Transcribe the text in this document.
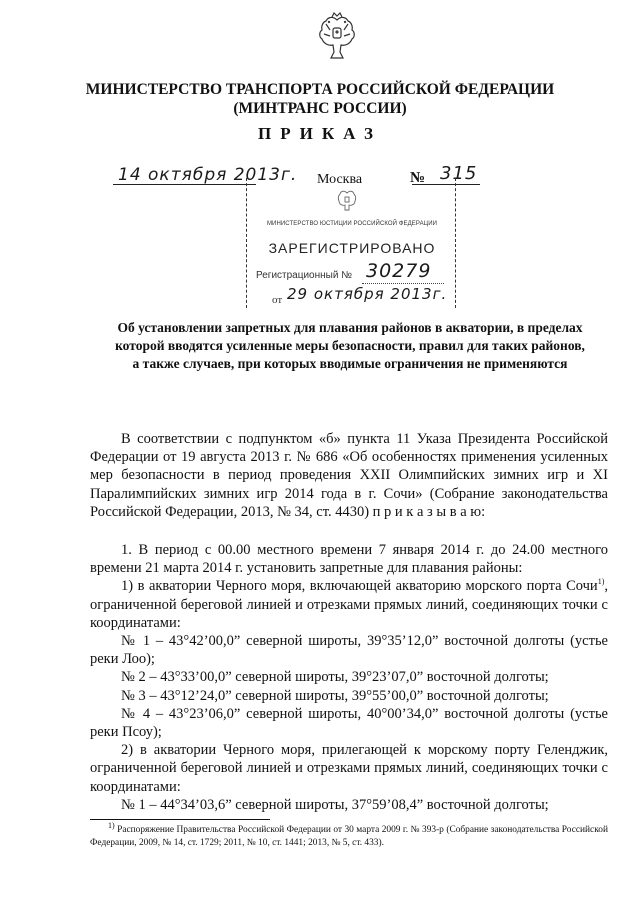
МИНИСТЕРСТВО ТРАНСПОРТА РОССИЙСКОЙ ФЕДЕРАЦИИ
(МИНТРАНС РОССИИ)
ПРИКАЗ
14 октября 2013г. Москва	№ 315
МИНИСТЕРСТВО ЮСТИЦИИ РОССИЙСКОЙ ФЕДЕРАЦИИ
ЗАРЕГИСТРИРОВАНО
Регистрационный № 30279
от 29 октября 2013г.
Об установлении запретных для плавания районов в акватории, в пределах
которой вводятся усиленные меры безопасности, правил для таких районов,
а также случаев, при которых вводимые ограничения не применяются

В соответствии с подпунктом «б» пункта 11 Указа Президента Российской Федерации от 19 августа 2013 г. № 686 «Об особенностях применения усиленных мер безопасности в период проведения XXII Олимпийских зимних игр и XI Паралимпийских зимних игр 2014 года в г. Сочи» (Собрание законодательства Российской Федерации, 2013, № 34, ст. 4430) п р и к а з ы в а ю:

1. В период с 00.00 местного времени 7 января 2014 г. до 24.00 местного времени 21 марта 2014 г. установить запретные для плавания районы:

1) в акватории Черного моря, включающей акваторию морского порта Сочи$^{1)}$, ограниченной береговой линией и отрезками прямых линий, соединяющих точки с координатами:

№ 1 – 43°42’00,0” северной широты, 39°35’12,0” восточной долготы (устье реки Лоо);

№ 2 – 43°33’00,0” северной широты, 39°23’07,0” восточной долготы;

№ 3 – 43°12’24,0” северной широты, 39°55’00,0” восточной долготы;

№ 4 – 43°23’06,0” северной широты, 40°00’34,0” восточной долготы (устье реки Псоу);

2) в акватории Черного моря, прилегающей к морскому порту Геленджик, ограниченной береговой линией и отрезками прямых линий, соединяющих точки с координатами:

№ 1 – 44°34’03,6” северной широты, 37°59’08,4” восточной долготы;

$^{1)}$ Распоряжение Правительства Российской Федерации от 30 марта 2009 г. № 393-р (Собрание законодательства Российской Федерации, 2009, № 14, ст. 1729; 2011, № 10, ст. 1441; 2013, № 5, ст. 433).
